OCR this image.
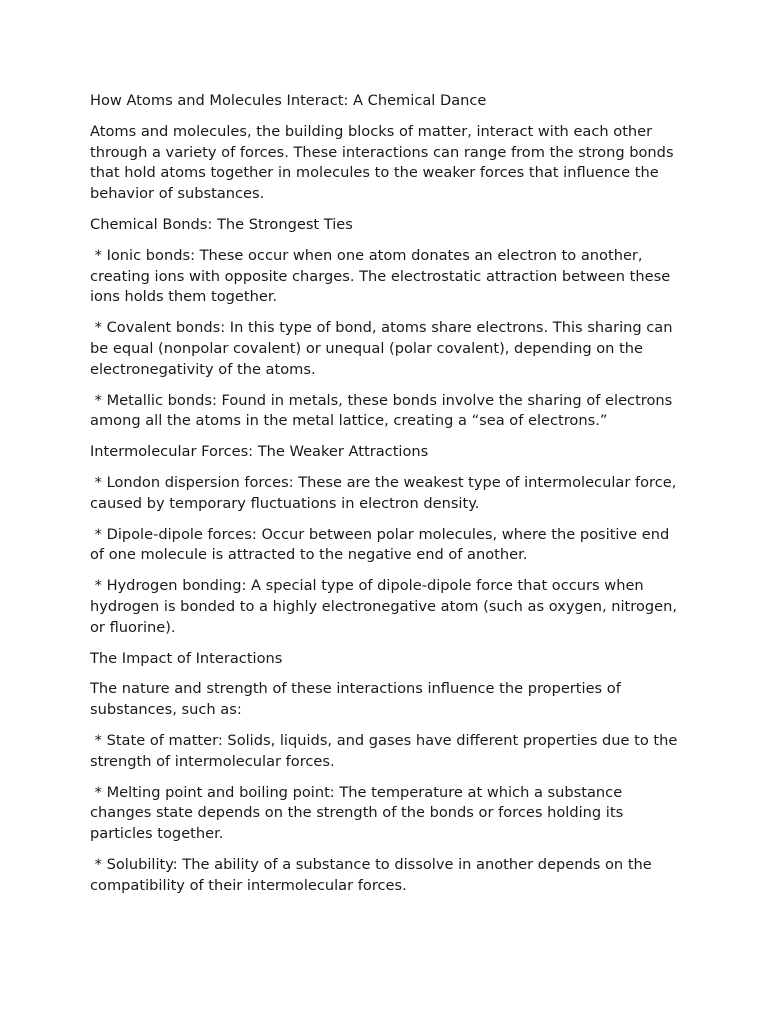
How Atoms and Molecules Interact: A Chemical Dance

Atoms and molecules, the building blocks of matter, interact with each other through a variety of forces. These interactions can range from the strong bonds that hold atoms together in molecules to the weaker forces that influence the behavior of substances.

Chemical Bonds: The Strongest Ties

* Ionic bonds: These occur when one atom donates an electron to another, creating ions with opposite charges. The electrostatic attraction between these ions holds them together.

* Covalent bonds: In this type of bond, atoms share electrons. This sharing can be equal (nonpolar covalent) or unequal (polar covalent), depending on the electronegativity of the atoms.

* Metallic bonds: Found in metals, these bonds involve the sharing of electrons among all the atoms in the metal lattice, creating a “sea of electrons.”

Intermolecular Forces: The Weaker Attractions

* London dispersion forces: These are the weakest type of intermolecular force, caused by temporary fluctuations in electron density.

* Dipole-dipole forces: Occur between polar molecules, where the positive end of one molecule is attracted to the negative end of another.

* Hydrogen bonding: A special type of dipole-dipole force that occurs when hydrogen is bonded to a highly electronegative atom (such as oxygen, nitrogen, or fluorine).

The Impact of Interactions

The nature and strength of these interactions influence the properties of substances, such as:

* State of matter: Solids, liquids, and gases have different properties due to the strength of intermolecular forces.

* Melting point and boiling point: The temperature at which a substance changes state depends on the strength of the bonds or forces holding its particles together.

* Solubility: The ability of a substance to dissolve in another depends on the compatibility of their intermolecular forces.
